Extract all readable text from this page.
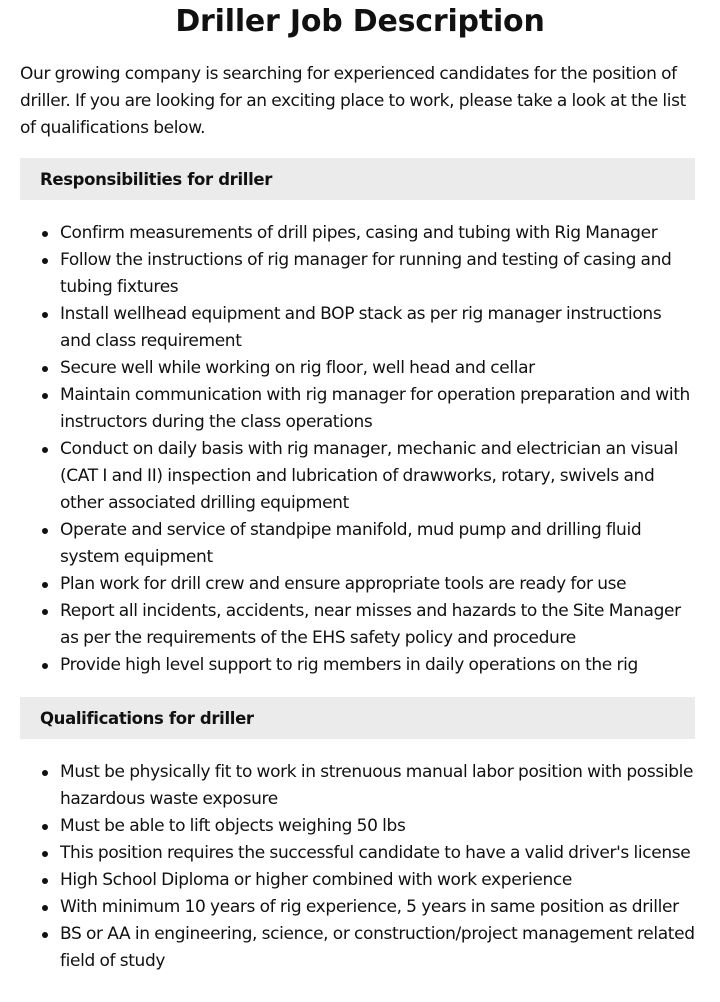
Driller Job Description

Our growing company is searching for experienced candidates for the position of driller. If you are looking for an exciting place to work, please take a look at the list of qualifications below.

Responsibilities for driller
Confirm measurements of drill pipes, casing and tubing with Rig Manager
Follow the instructions of rig manager for running and testing of casing and tubing fixtures
Install wellhead equipment and BOP stack as per rig manager instructions and class requirement
Secure well while working on rig floor, well head and cellar
Maintain communication with rig manager for operation preparation and with instructors during the class operations
Conduct on daily basis with rig manager, mechanic and electrician an visual (CAT I and II) inspection and lubrication of drawworks, rotary, swivels and other associated drilling equipment
Operate and service of standpipe manifold, mud pump and drilling fluid system equipment
Plan work for drill crew and ensure appropriate tools are ready for use
Report all incidents, accidents, near misses and hazards to the Site Manager as per the requirements of the EHS safety policy and procedure
Provide high level support to rig members in daily operations on the rig
Qualifications for driller
Must be physically fit to work in strenuous manual labor position with possible hazardous waste exposure
Must be able to lift objects weighing 50 lbs
This position requires the successful candidate to have a valid driver's license
High School Diploma or higher combined with work experience
With minimum 10 years of rig experience, 5 years in same position as driller
BS or AA in engineering, science, or construction/project management related field of study
